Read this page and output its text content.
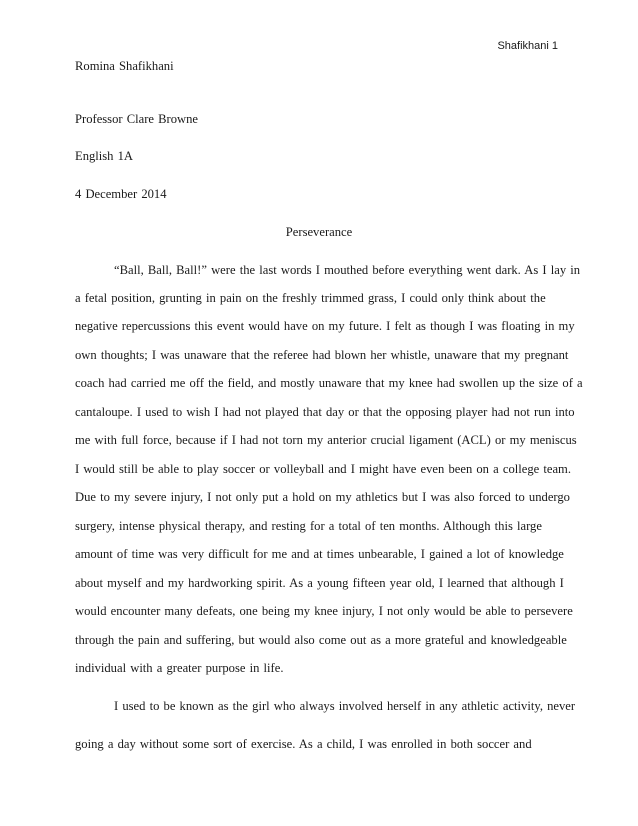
Shafikhani 1
Romina Shafikhani
Professor Clare Browne
English 1A
4 December 2014
Perseverance
“Ball, Ball, Ball!” were the last words I mouthed before everything went dark. As I lay in
a fetal position, grunting in pain on the freshly trimmed grass, I could only think about the
negative repercussions this event would have on my future. I felt as though I was floating in my
own thoughts; I was unaware that the referee had blown her whistle, unaware that my pregnant
coach had carried me off the field, and mostly unaware that my knee had swollen up the size of a
cantaloupe. I used to wish I had not played that day or that the opposing player had not run into
me with full force, because if I had not torn my anterior crucial ligament (ACL) or my meniscus
I would still be able to play soccer or volleyball and I might have even been on a college team.
Due to my severe injury, I not only put a hold on my athletics but I was also forced to undergo
surgery, intense physical therapy, and resting for a total of ten months. Although this large
amount of time was very difficult for me and at times unbearable, I gained a lot of knowledge
about myself and my hardworking spirit. As a young fifteen year old, I learned that although I
would encounter many defeats, one being my knee injury, I not only would be able to persevere
through the pain and suffering, but would also come out as a more grateful and knowledgeable
individual with a greater purpose in life.
I used to be known as the girl who always involved herself in any athletic activity, never
going a day without some sort of exercise. As a child, I was enrolled in both soccer and
